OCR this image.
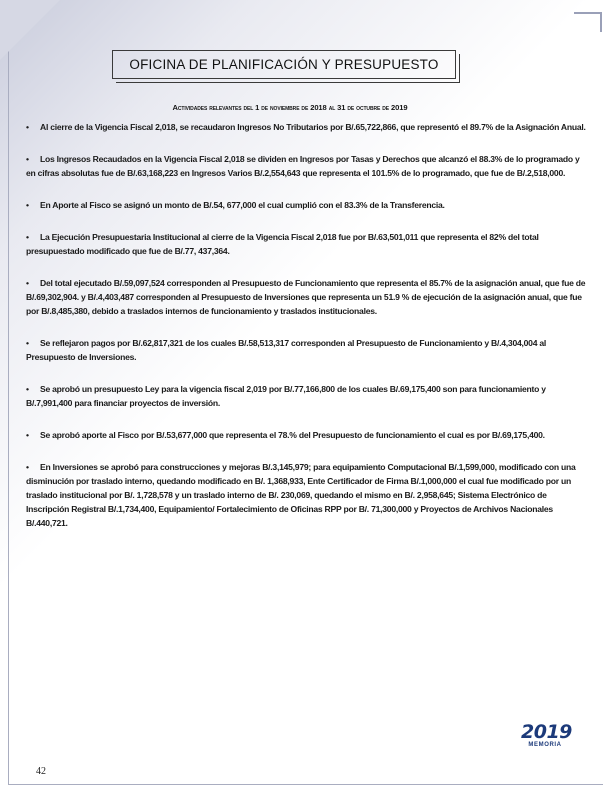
OFICINA DE PLANIFICACIÓN Y PRESUPUESTO
Actividades relevantes del 1 de noviembre de 2018 al 31 de octubre de 2019

• Al cierre de la Vigencia Fiscal 2,018, se recaudaron Ingresos No Tributarios por B/.65,722,866, que representó el 89.7% de la Asignación Anual.

• Los Ingresos Recaudados en la Vigencia Fiscal 2,018 se dividen en Ingresos por Tasas y Derechos que alcanzó el 88.3% de lo programado y en cifras absolutas fue de B/.63,168,223 en Ingresos Varios B/.2,554,643 que representa el 101.5% de lo programado, que fue de B/.2,518,000.

• En Aporte al Fisco se asignó un monto de B/.54, 677,000 el cual cumplió con el 83.3% de la Transferencia.

• La Ejecución Presupuestaria Institucional al cierre de la Vigencia Fiscal 2,018 fue por B/.63,501,011 que representa el 82% del total presupuestado modificado que fue de B/.77, 437,364.

• Del total ejecutado B/.59,097,524 corresponden al Presupuesto de Funcionamiento que representa el 85.7% de la asignación anual, que fue de B/.69,302,904. y B/.4,403,487 corresponden al Presupuesto de Inversiones que representa un 51.9 % de ejecución de la asignación anual, que fue por B/.8,485,380, debido a traslados internos de funcionamiento y traslados institucionales.

• Se reflejaron pagos por B/.62,817,321 de los cuales B/.58,513,317 corresponden al Presupuesto de Funcionamiento y B/.4,304,004 al Presupuesto de Inversiones.

• Se aprobó un presupuesto Ley para la vigencia fiscal 2,019 por B/.77,166,800 de los cuales B/.69,175,400 son para funcionamiento y B/.7,991,400 para financiar proyectos de inversión.

• Se aprobó aporte al Fisco por B/.53,677,000 que representa el 78.% del Presupuesto de funcionamiento el cual es por B/.69,175,400.

• En Inversiones se aprobó para construcciones y mejoras B/.3,145,979; para equipamiento Computacional B/.1,599,000, modificado con una disminución por traslado interno, quedando modificado en B/. 1,368,933, Ente Certificador de Firma B/.1,000,000 el cual fue modificado por un traslado institucional por B/. 1,728,578 y un traslado interno de B/. 230,069, quedando el mismo en B/. 2,958,645; Sistema Electrónico de Inscripción Registral B/.1,734,400, Equipamiento/ Fortalecimiento de Oficinas RPP por B/. 71,300,000 y Proyectos de Archivos Nacionales B/.440,721.

2019
MEMORIA
42
